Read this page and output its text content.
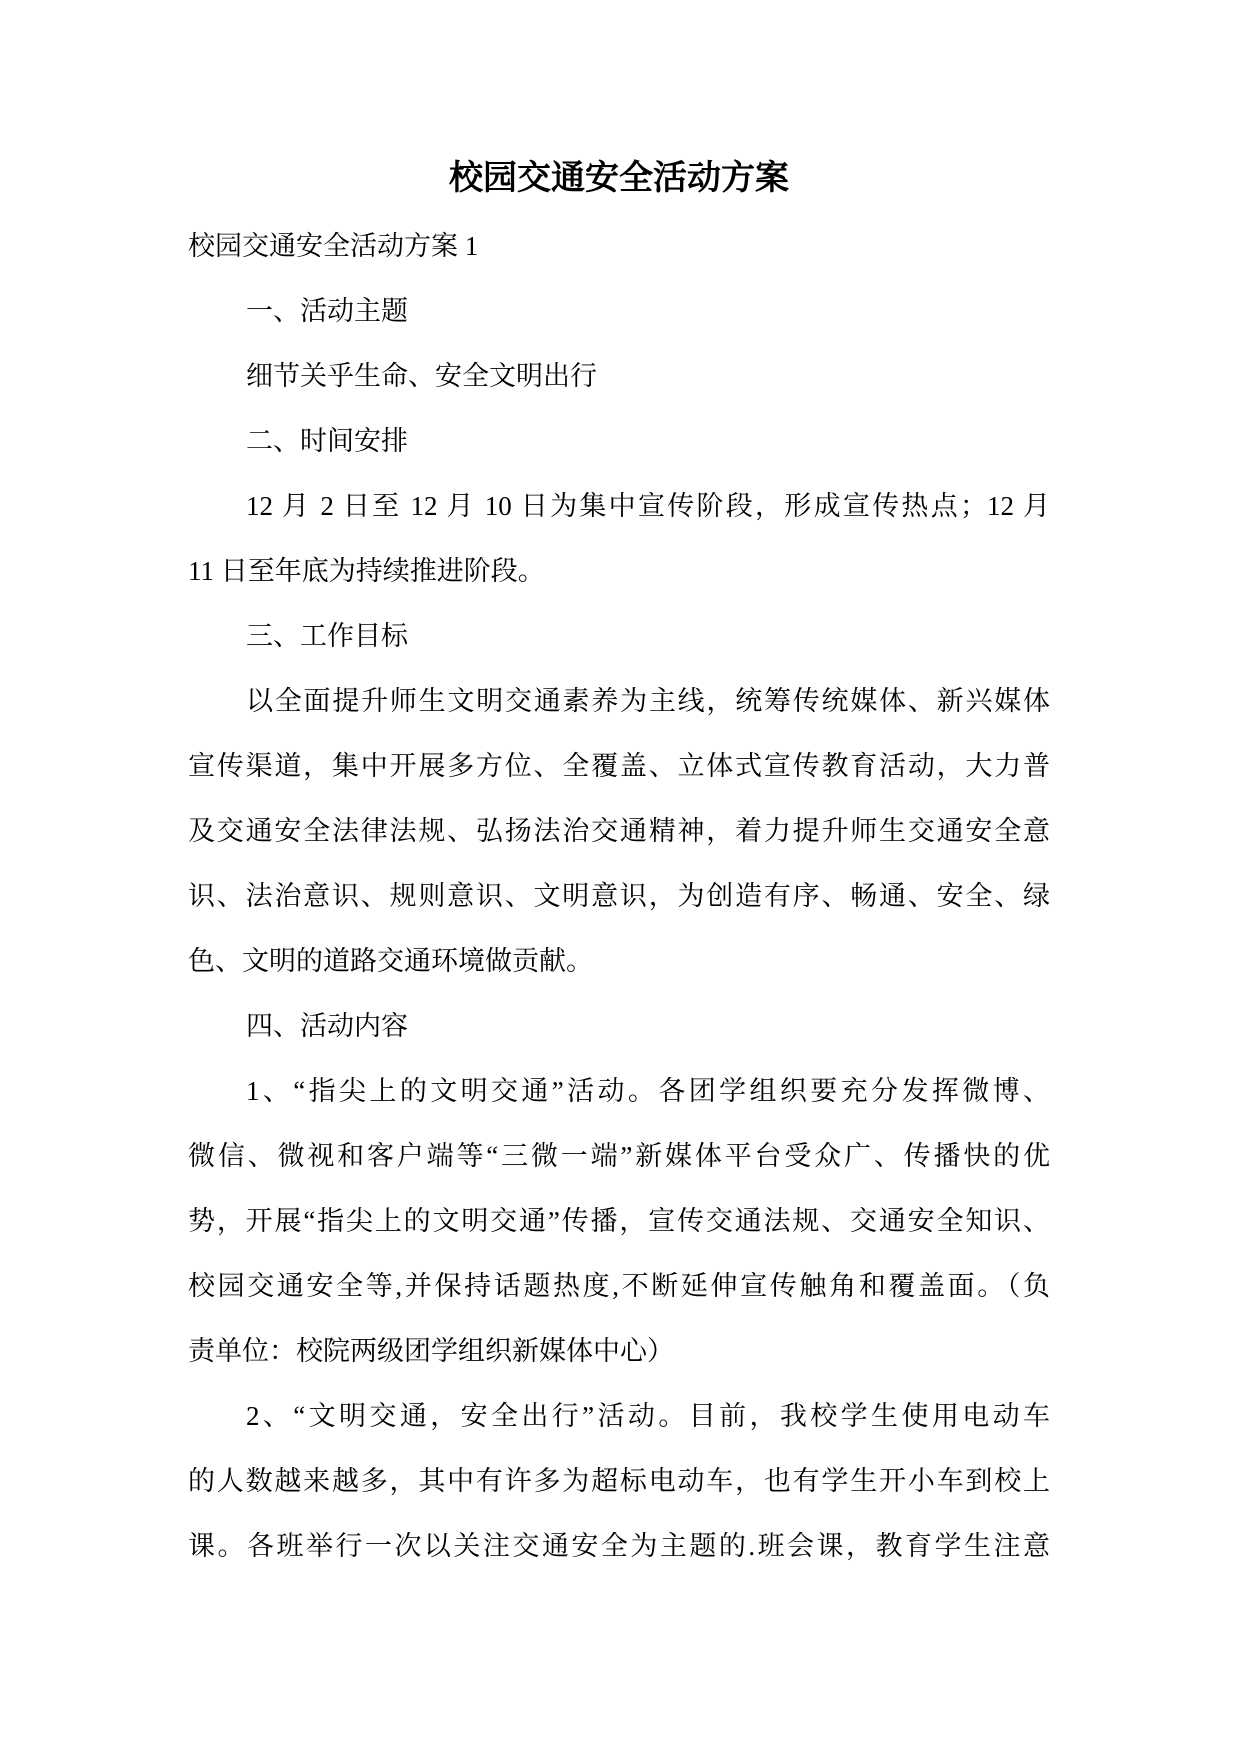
校园交通安全活动方案
校园交通安全活动方案 1
一、活动主题
细节关乎生命、安全文明出行
二、时间安排
12 月 2 日至 12 月 10 日为集中宣传阶段，形成宣传热点；12 月
11 日至年底为持续推进阶段。
三、工作目标
以全面提升师生文明交通素养为主线，统筹传统媒体、新兴媒体
宣传渠道，集中开展多方位、全覆盖、立体式宣传教育活动，大力普
及交通安全法律法规、弘扬法治交通精神，着力提升师生交通安全意
识、法治意识、规则意识、文明意识，为创造有序、畅通、安全、绿
色、文明的道路交通环境做贡献。
四、活动内容
1、“指尖上的文明交通”活动。各团学组织要充分发挥微博、
微信、微视和客户端等“三微一端”新媒体平台受众广、传播快的优
势，开展“指尖上的文明交通”传播，宣传交通法规、交通安全知识、
校园交通安全等,并保持话题热度,不断延伸宣传触角和覆盖面。（负
责单位：校院两级团学组织新媒体中心）
2、“文明交通，安全出行”活动。目前，我校学生使用电动车
的人数越来越多，其中有许多为超标电动车，也有学生开小车到校上
课。各班举行一次以关注交通安全为主题的.班会课，教育学生注意
